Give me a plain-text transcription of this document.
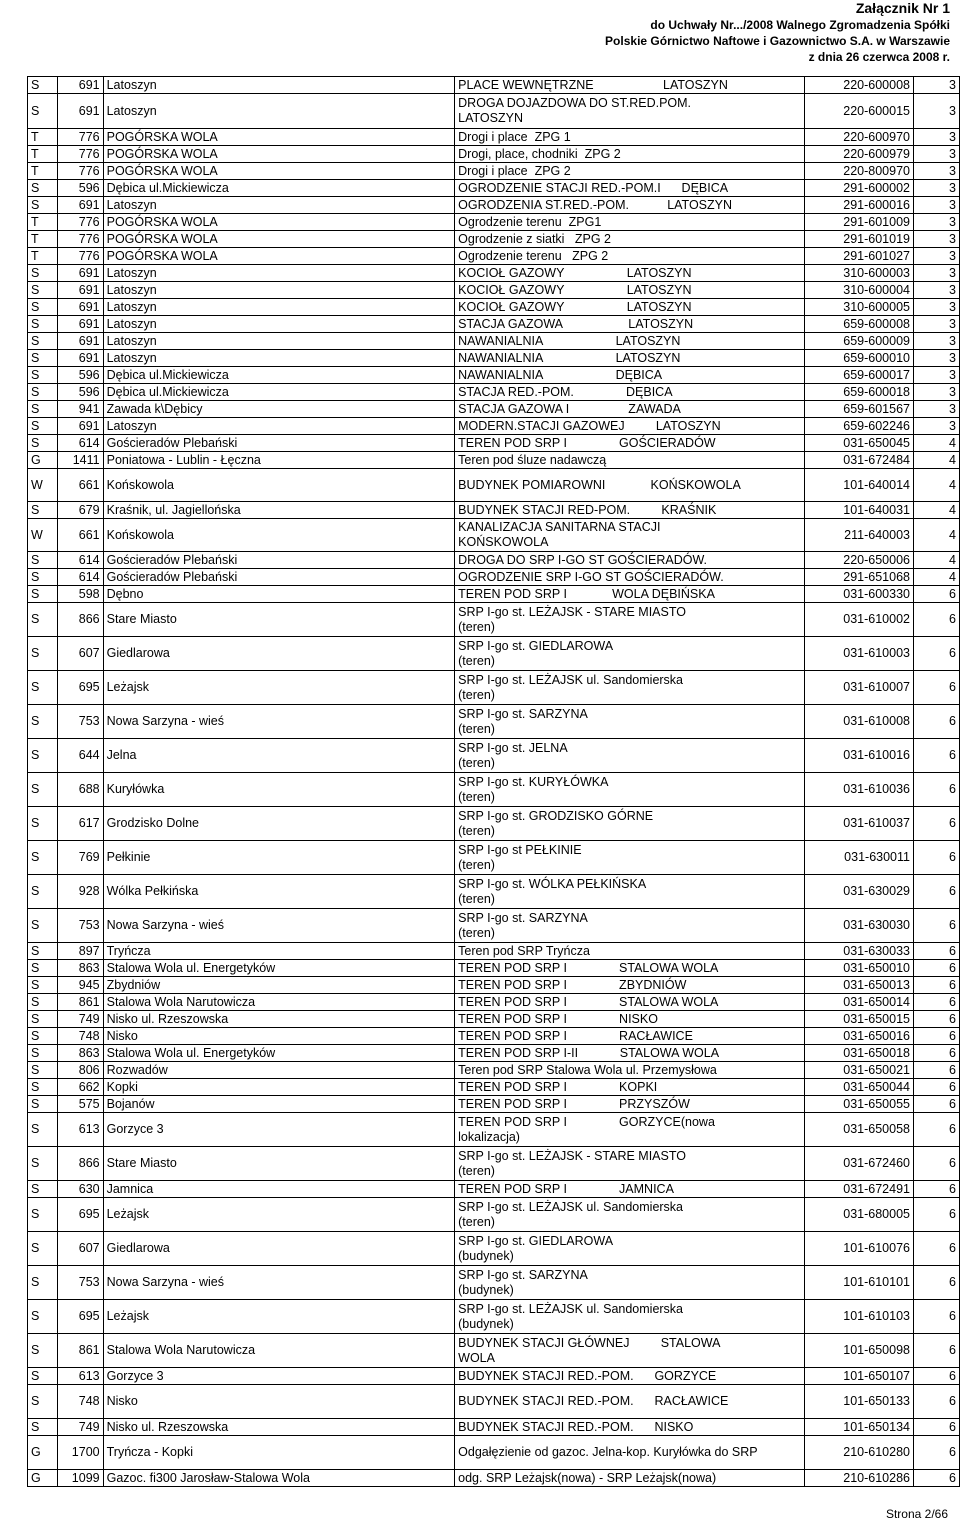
Załącznik Nr 1
do Uchwały Nr.../2008 Walnego Zgromadzenia Spółki
Polskie Górnictwo Naftowe i Gazownictwo S.A. w Warszawie
z dnia 26 czerwca 2008 r.
S	691	Latoszyn	PLACE WEWNĘTRZNE                    LATOSZYN	220-600008	3
S	691	Latoszyn	DROGA DOJAZDOWA DO ST.RED.POM.
LATOSZYN	220-600015	3
T	776	POGÓRSKA WOLA	Drogi i place  ZPG 1	220-600970	3
T	776	POGÓRSKA WOLA	Drogi, place, chodniki  ZPG 2	220-600979	3
T	776	POGÓRSKA WOLA	Drogi i place  ZPG 2	220-800970	3
S	596	Dębica ul.Mickiewicza	OGRODZENIE STACJI RED.-POM.I      DĘBICA	291-600002	3
S	691	Latoszyn	OGRODZENIA ST.RED.-POM.           LATOSZYN	291-600016	3
T	776	POGÓRSKA WOLA	Ogrodzenie terenu  ZPG1	291-601009	3
T	776	POGÓRSKA WOLA	Ogrodzenie z siatki   ZPG 2	291-601019	3
T	776	POGÓRSKA WOLA	Ogrodzenie terenu   ZPG 2	291-601027	3
S	691	Latoszyn	KOCIOŁ GAZOWY                  LATOSZYN	310-600003	3
S	691	Latoszyn	KOCIOŁ GAZOWY                  LATOSZYN	310-600004	3
S	691	Latoszyn	KOCIOŁ GAZOWY                  LATOSZYN	310-600005	3
S	691	Latoszyn	STACJA GAZOWA                   LATOSZYN	659-600008	3
S	691	Latoszyn	NAWANIALNIA                     LATOSZYN	659-600009	3
S	691	Latoszyn	NAWANIALNIA                     LATOSZYN	659-600010	3
S	596	Dębica ul.Mickiewicza	NAWANIALNIA                     DĘBICA	659-600017	3
S	596	Dębica ul.Mickiewicza	STACJA RED.-POM.               DĘBICA	659-600018	3
S	941	Zawada k\Dębicy	STACJA GAZOWA I                 ZAWADA	659-601567	3
S	691	Latoszyn	MODERN.STACJI GAZOWEJ         LATOSZYN	659-602246	3
S	614	Gościeradów Plebański	TEREN POD SRP I               GOŚCIERADÓW	031-650045	4
G	1411	Poniatowa - Lublin - Łęczna	Teren pod śluze nadawczą	031-672484	4
W	661	Końskowola	BUDYNEK POMIAROWNI             KOŃSKOWOLA	101-640014	4
S	679	Kraśnik, ul. Jagiellońska	BUDYNEK STACJI RED-POM.         KRAŚNIK	101-640031	4
W	661	Końskowola	KANALIZACJA SANITARNA STACJI
KOŃSKOWOLA	211-640003	4
S	614	Gościeradów Plebański	DROGA DO SRP I-GO ST GOŚCIERADÓW.	220-650006	4
S	614	Gościeradów Plebański	OGRODZENIE SRP I-GO ST GOŚCIERADÓW.	291-651068	4
S	598	Dębno	TEREN POD SRP I             WOLA DĘBIŃSKA	031-600330	6
S	866	Stare Miasto	SRP I-go st. LEŻAJSK - STARE MIASTO
(teren)	031-610002	6
S	607	Giedlarowa	SRP I-go st. GIEDLAROWA
(teren)	031-610003	6
S	695	Leżajsk	SRP I-go st. LEŻAJSK ul. Sandomierska
(teren)	031-610007	6
S	753	Nowa Sarzyna - wieś	SRP I-go st. SARZYNA
(teren)	031-610008	6
S	644	Jelna	SRP I-go st. JELNA
(teren)	031-610016	6
S	688	Kuryłówka	SRP I-go st. KURYŁÓWKA
(teren)	031-610036	6
S	617	Grodzisko Dolne	SRP I-go st. GRODZISKO GÓRNE
(teren)	031-610037	6
S	769	Pełkinie	SRP I-go st PEŁKINIE
(teren)	031-630011	6
S	928	Wólka Pełkińska	SRP I-go st. WÓLKA PEŁKIŃSKA
(teren)	031-630029	6
S	753	Nowa Sarzyna - wieś	SRP I-go st. SARZYNA
(teren)	031-630030	6
S	897	Tryńcza	Teren pod SRP Tryńcza	031-630033	6
S	863	Stalowa Wola ul. Energetyków	TEREN POD SRP I               STALOWA WOLA	031-650010	6
S	945	Zbydniów	TEREN POD SRP I               ZBYDNIÓW	031-650013	6
S	861	Stalowa Wola Narutowicza	TEREN POD SRP I               STALOWA WOLA	031-650014	6
S	749	Nisko ul. Rzeszowska	TEREN POD SRP I               NISKO	031-650015	6
S	748	Nisko	TEREN POD SRP I               RACŁAWICE	031-650016	6
S	863	Stalowa Wola ul. Energetyków	TEREN POD SRP I-II            STALOWA WOLA	031-650018	6
S	806	Rozwadów	Teren pod SRP Stalowa Wola ul. Przemysłowa	031-650021	6
S	662	Kopki	TEREN POD SRP I               KOPKI	031-650044	6
S	575	Bojanów	TEREN POD SRP I               PRZYSZÓW	031-650055	6
S	613	Gorzyce 3	TEREN POD SRP I               GORZYCE(nowa
lokalizacja)	031-650058	6
S	866	Stare Miasto	SRP I-go st. LEŻAJSK - STARE MIASTO
(teren)	031-672460	6
S	630	Jamnica	TEREN POD SRP I               JAMNICA	031-672491	6
S	695	Leżajsk	SRP I-go st. LEŻAJSK ul. Sandomierska
(teren)	031-680005	6
S	607	Giedlarowa	SRP I-go st. GIEDLAROWA
(budynek)	101-610076	6
S	753	Nowa Sarzyna - wieś	SRP I-go st. SARZYNA
(budynek)	101-610101	6
S	695	Leżajsk	SRP I-go st. LEŻAJSK ul. Sandomierska
(budynek)	101-610103	6
S	861	Stalowa Wola Narutowicza	BUDYNEK STACJI GŁÓWNEJ         STALOWA
WOLA	101-650098	6
S	613	Gorzyce 3	BUDYNEK STACJI RED.-POM.      GORZYCE	101-650107	6
S	748	Nisko	BUDYNEK STACJI RED.-POM.      RACŁAWICE	101-650133	6
S	749	Nisko ul. Rzeszowska	BUDYNEK STACJI RED.-POM.      NISKO	101-650134	6
G	1700	Tryńcza - Kopki	Odgałęzienie od gazoc. Jelna-kop. Kuryłówka do SRP	210-610280	6
G	1099	Gazoc. fi300 Jarosław-Stalowa Wola	odg. SRP Leżajsk(nowa) - SRP Leżajsk(nowa)	210-610286	6
Strona 2/66
